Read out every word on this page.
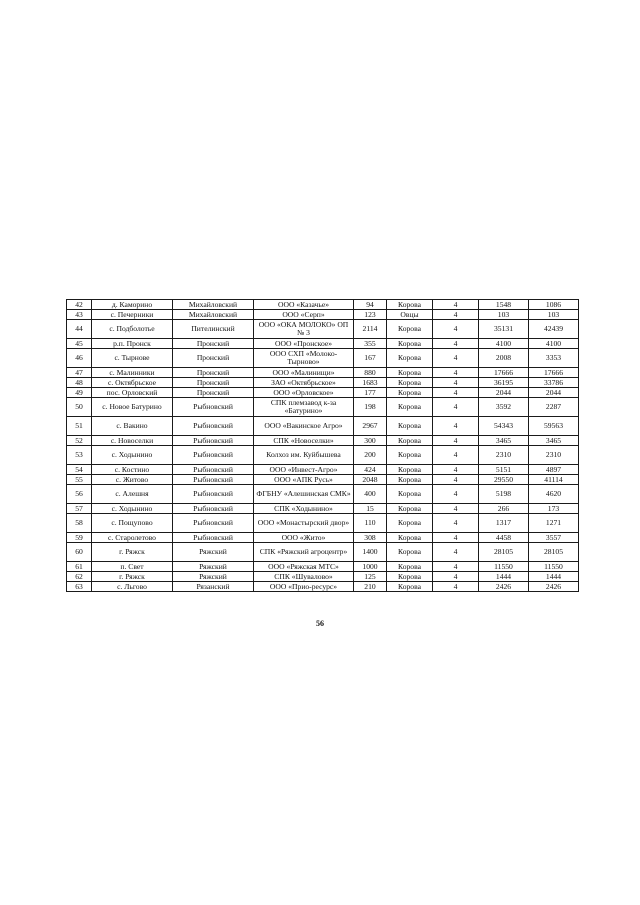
42	д. Каморино	Михайловский	ООО «Казачье»	94	Корова	4	1548	1086
43	с. Печерники	Михайловский	ООО «Серп»	123	Овцы	4	103	103
44	с. Подболотье	Пителинский	ООО «ОКА МОЛОКО» ОП № 3	2114	Корова	4	35131	42439
45	р.п. Пронск	Пронский	ООО «Пронское»	355	Корова	4	4100	4100
46	с. Тырнове	Пронский	ООО СХП «Молоко-Тырново»	167	Корова	4	2008	3353
47	с. Малинники	Пронский	ООО «Малинищи»	880	Корова	4	17666	17666
48	с. Октябрьское	Пронский	ЗАО «Октябрьское»	1683	Корова	4	36195	33786
49	пос. Орловский	Пронский	ООО «Орловское»	177	Корова	4	2044	2044
50	с. Новое Батурино	Рыбновский	СПК племзавод к-за «Батурино»	198	Корова	4	3592	2287
51	с. Вакино	Рыбновский	ООО «Вакинское Агро»	2967	Корова	4	54343	59563
52	с. Новоселки	Рыбновский	СПК «Новоселки»	300	Корова	4	3465	3465
53	с. Ходынино	Рыбновский	Колхоз им. Куйбышева	200	Корова	4	2310	2310
54	с. Костино	Рыбновский	ООО «Инвест-Агро»	424	Корова	4	5151	4897
55	с. Житово	Рыбновский	ООО «АПК Русь»	2048	Корова	4	29550	41114
56	с. Алешня	Рыбновский	ФГБНУ «Алешинская СМК»	400	Корова	4	5198	4620
57	с. Ходынино	Рыбновский	СПК «Ходынино»	15	Корова	4	266	173
58	с. Пощупово	Рыбновский	ООО «Монастырский двор»	110	Корова	4	1317	1271
59	с. Старолетово	Рыбновский	ООО «Жито»	308	Корова	4	4458	3557
60	г. Ряжск	Ряжский	СПК «Ряжский агроцентр»	1400	Корова	4	28105	28105
61	п. Свет	Ряжский	ООО «Ряжская МТС»	1000	Корова	4	11550	11550
62	г. Ряжск	Ряжский	СПК «Шувалово»	125	Корова	4	1444	1444
63	с. Льгово	Рязанский	ООО «Прио-ресурс»	210	Корова	4	2426	2426
56
